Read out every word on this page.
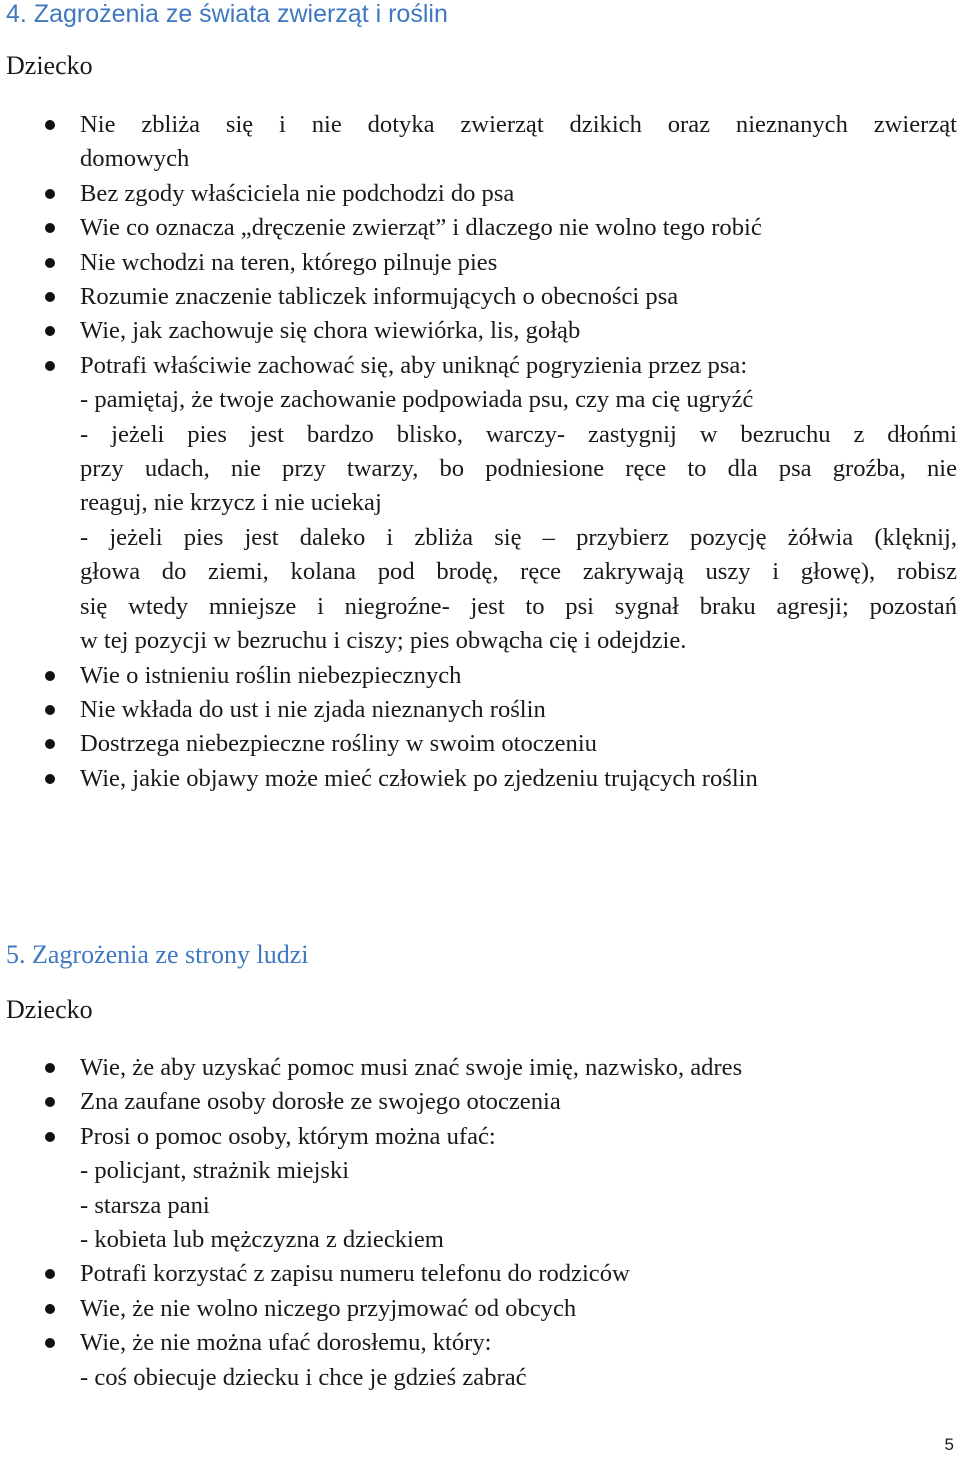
4. Zagrożenia ze świata zwierząt i roślin

Dziecko

Nie zbliża się i nie dotyka zwierząt dzikich oraz nieznanych zwierząt
domowych
Bez zgody właściciela nie podchodzi do psa
Wie co oznacza „dręczenie zwierząt” i dlaczego nie wolno tego robić
Nie wchodzi na teren, którego pilnuje pies
Rozumie znaczenie tabliczek informujących o obecności psa
Wie, jak zachowuje się chora wiewiórka, lis, gołąb
Potrafi właściwie zachować się, aby uniknąć pogryzienia przez psa:
- pamiętaj, że twoje zachowanie podpowiada psu, czy ma cię ugryźć
- jeżeli pies jest bardzo blisko, warczy- zastygnij w bezruchu z dłońmi
przy udach, nie przy twarzy, bo podniesione ręce to dla psa groźba, nie
reaguj, nie krzycz i nie uciekaj
- jeżeli pies jest daleko i zbliża się – przybierz pozycję żółwia (klęknij,
głowa do ziemi, kolana pod brodę, ręce zakrywają uszy i głowę), robisz
się wtedy mniejsze i niegroźne- jest to psi sygnał braku agresji; pozostań
w tej pozycji w bezruchu i ciszy; pies obwącha cię i odejdzie.
Wie o istnieniu roślin niebezpiecznych
Nie wkłada do ust i nie zjada nieznanych roślin
Dostrzega niebezpieczne rośliny w swoim otoczeniu
Wie, jakie objawy może mieć człowiek po zjedzeniu trujących roślin
5. Zagrożenia ze strony ludzi

Dziecko

Wie, że aby uzyskać pomoc musi znać swoje imię, nazwisko, adres
Zna zaufane osoby dorosłe ze swojego otoczenia
Prosi o pomoc osoby, którym można ufać:
- policjant, strażnik miejski
- starsza pani
- kobieta lub mężczyzna z dzieckiem
Potrafi korzystać z zapisu numeru telefonu do rodziców
Wie, że nie wolno niczego przyjmować od obcych
Wie, że nie można ufać dorosłemu, który:
- coś obiecuje dziecku i chce je gdzieś zabrać
5
